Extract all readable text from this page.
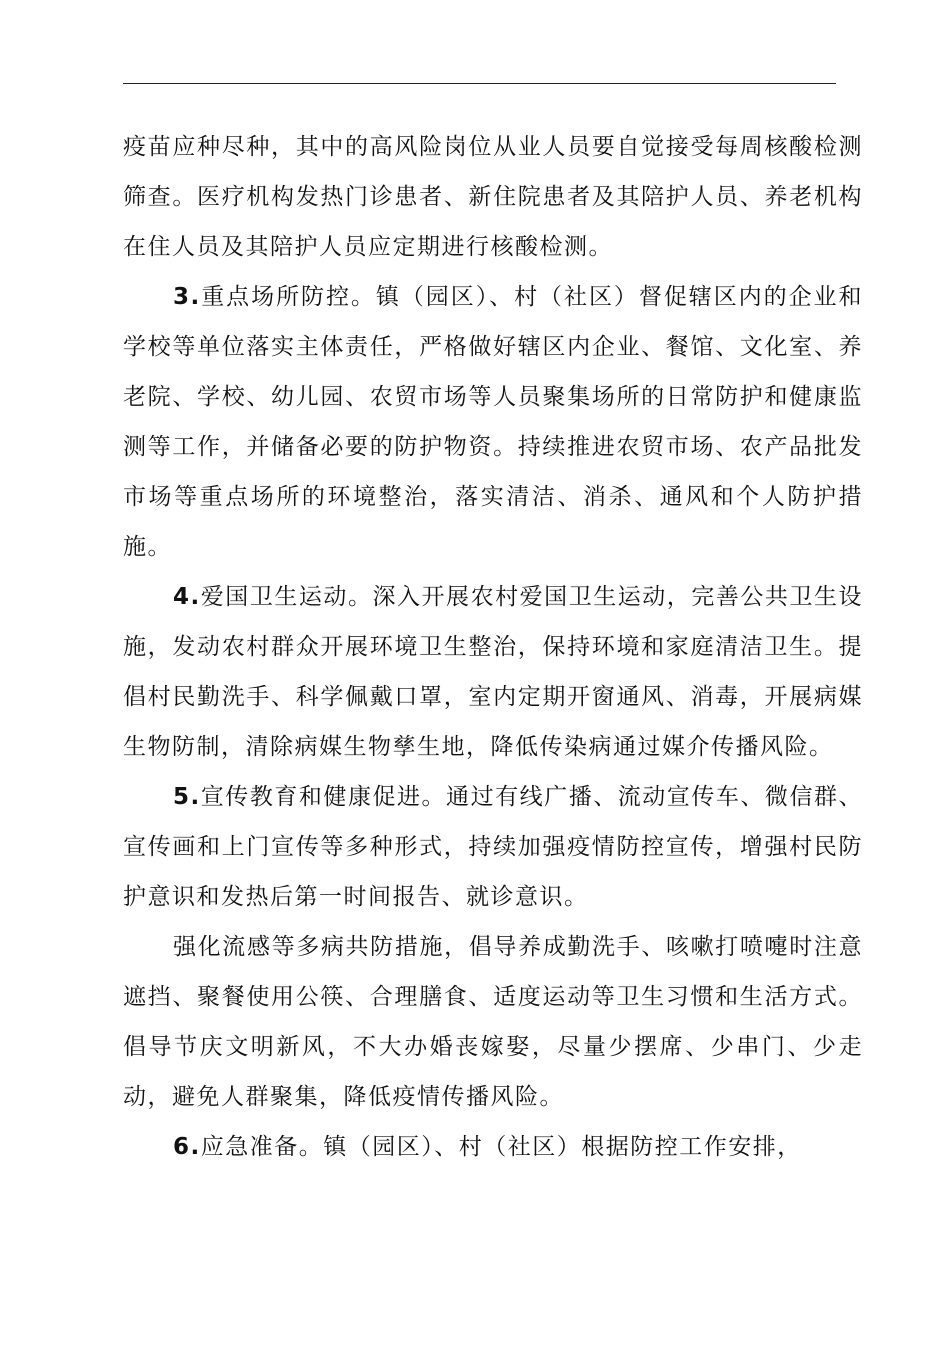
疫苗应种尽种，其中的高风险岗位从业人员要自觉接受每周核酸检测筛查。医疗机构发热门诊患者、新住院患者及其陪护人员、养老机构在住人员及其陪护人员应定期进行核酸检测。

3.重点场所防控。镇（园区）、村（社区）督促辖区内的企业和学校等单位落实主体责任，严格做好辖区内企业、餐馆、文化室、养老院、学校、幼儿园、农贸市场等人员聚集场所的日常防护和健康监测等工作，并储备必要的防护物资。持续推进农贸市场、农产品批发市场等重点场所的环境整治，落实清洁、消杀、通风和个人防护措施。

4.爱国卫生运动。深入开展农村爱国卫生运动，完善公共卫生设施，发动农村群众开展环境卫生整治，保持环境和家庭清洁卫生。提倡村民勤洗手、科学佩戴口罩，室内定期开窗通风、消毒，开展病媒生物防制，清除病媒生物孳生地，降低传染病通过媒介传播风险。

5.宣传教育和健康促进。通过有线广播、流动宣传车、微信群、宣传画和上门宣传等多种形式，持续加强疫情防控宣传，增强村民防护意识和发热后第一时间报告、就诊意识。

强化流感等多病共防措施，倡导养成勤洗手、咳嗽打喷嚏时注意遮挡、聚餐使用公筷、合理膳食、适度运动等卫生习惯和生活方式。倡导节庆文明新风，不大办婚丧嫁娶，尽量少摆席、少串门、少走动，避免人群聚集，降低疫情传播风险。

6.应急准备。镇（园区）、村（社区）根据防控工作安排，
